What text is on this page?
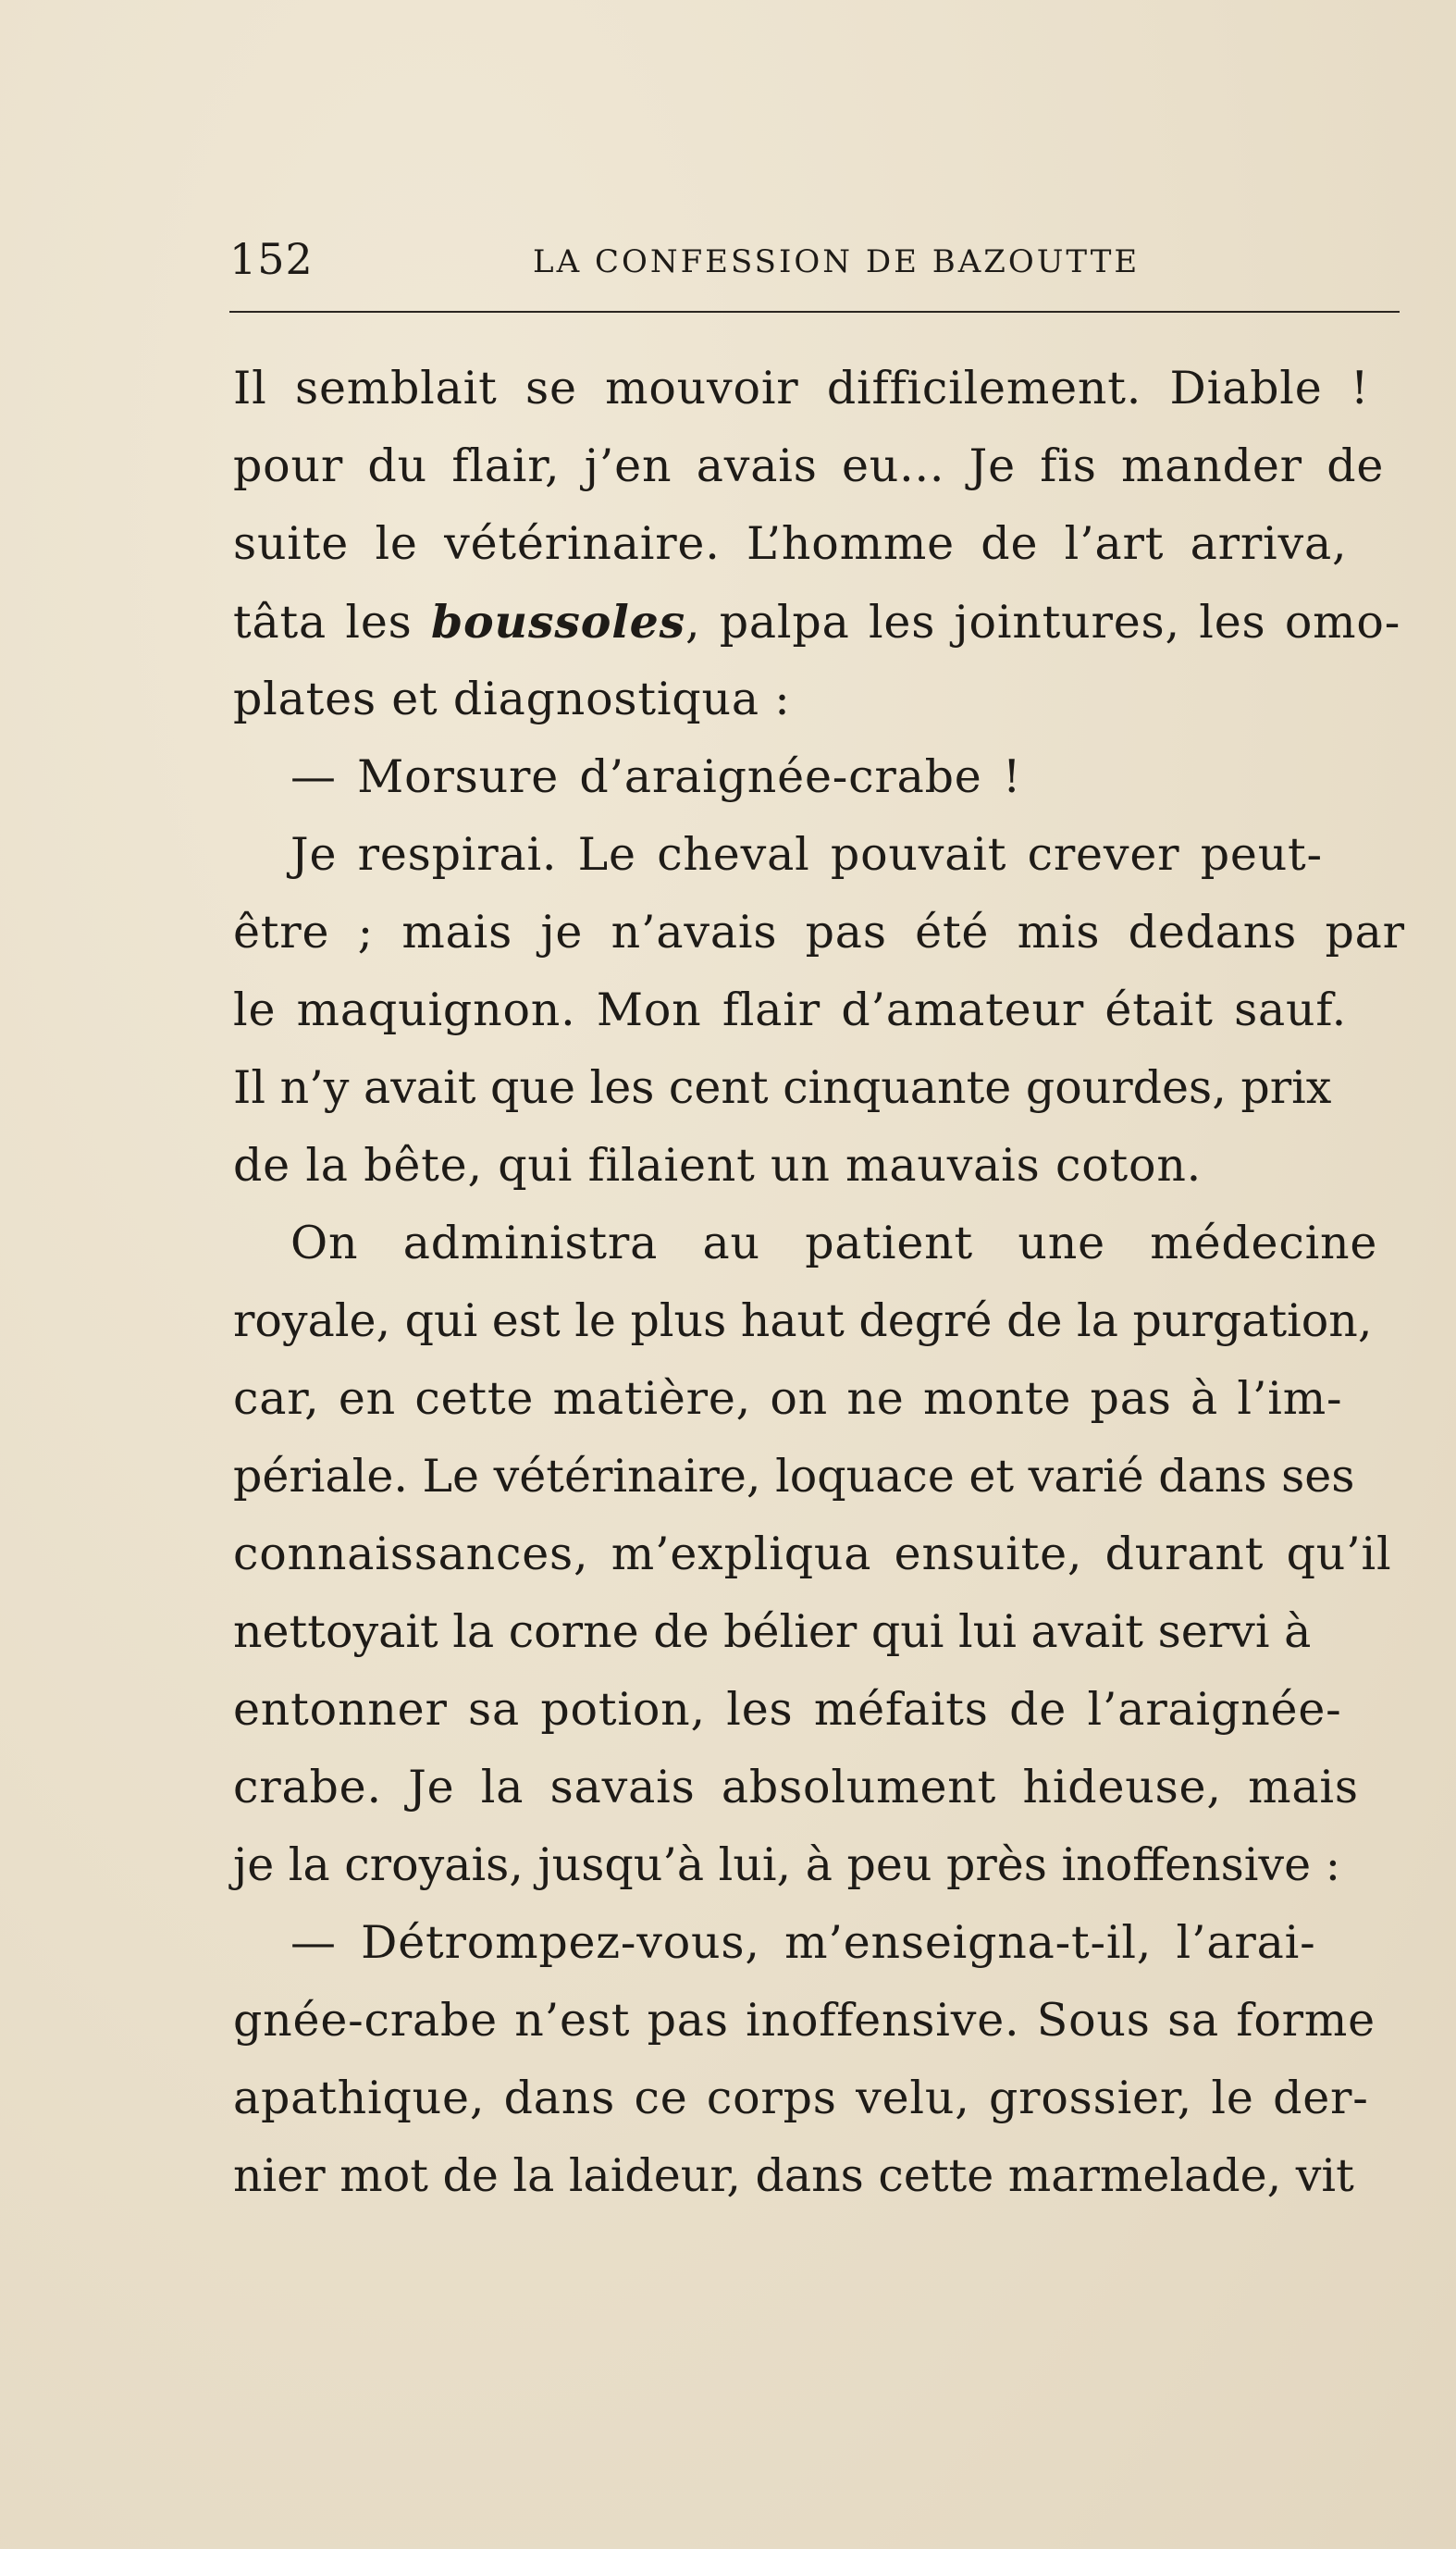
152	LA CONFESSION DE BAZOUTTE
Il semblait se mouvoir difficilement. Diable !
pour du flair, j’en avais eu... Je fis mander de
suite le vétérinaire. L’homme de l’art arriva,
tâta les boussoles, palpa les jointures, les omo-
plates et diagnostiqua :
— Morsure d’araignée-crabe !
Je respirai. Le cheval pouvait crever peut-
être ; mais je n’avais pas été mis dedans par
le maquignon. Mon flair d’amateur était sauf.
Il n’y avait que les cent cinquante gourdes, prix
de la bête, qui filaient un mauvais coton.
On administra au patient une médecine
royale, qui est le plus haut degré de la purgation,
car, en cette matière, on ne monte pas à l’im-
périale. Le vétérinaire, loquace et varié dans ses
connaissances, m’expliqua ensuite, durant qu’il
nettoyait la corne de bélier qui lui avait servi à
entonner sa potion, les méfaits de l’araignée-
crabe. Je la savais absolument hideuse, mais
je la croyais, jusqu’à lui, à peu près inoffensive :
— Détrompez-vous, m’enseigna-t-il, l’arai-
gnée-crabe n’est pas inoffensive. Sous sa forme
apathique, dans ce corps velu, grossier, le der-
nier mot de la laideur, dans cette marmelade, vit
